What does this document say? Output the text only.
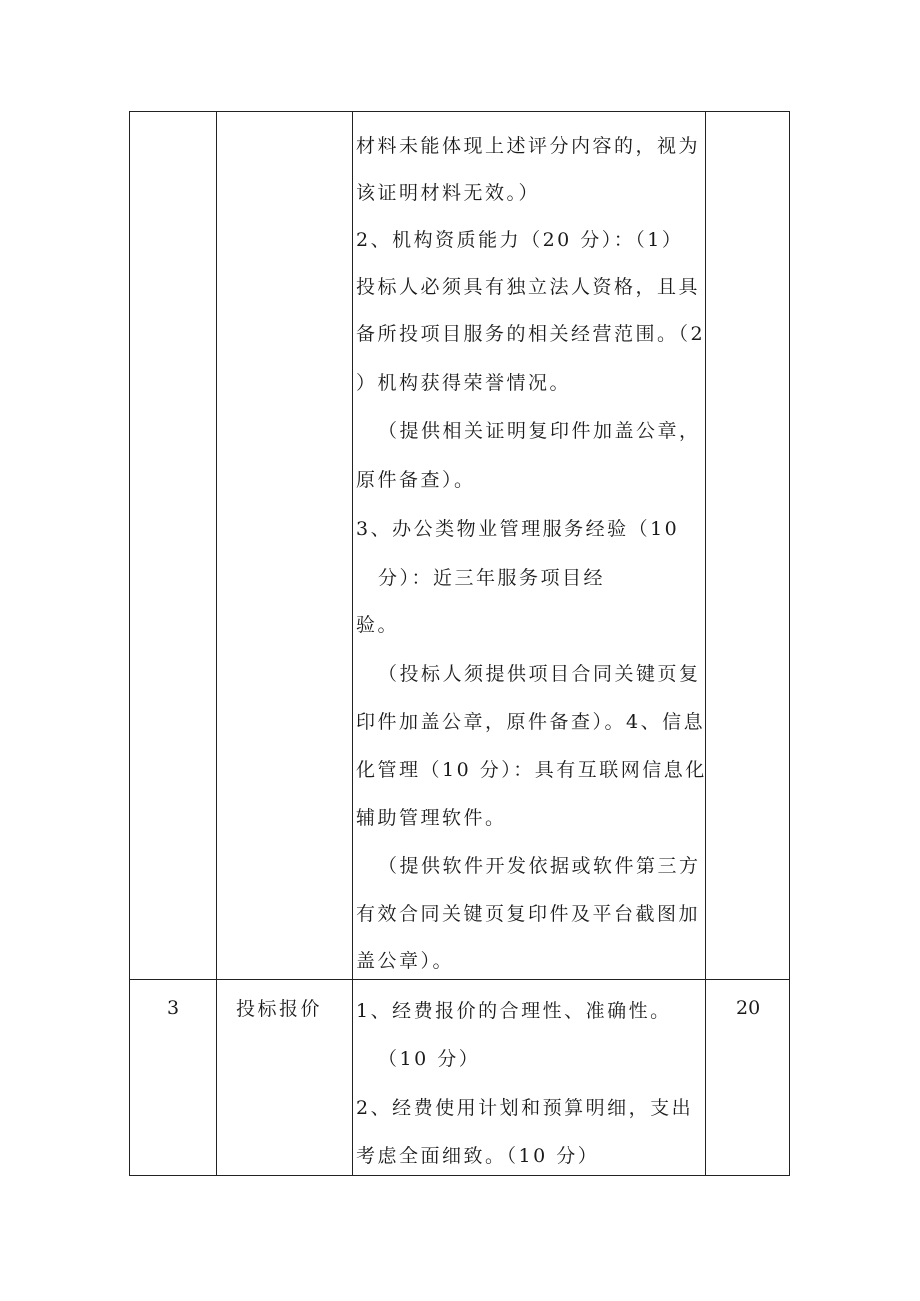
材料未能体现上述评分内容的，视为
该证明材料无效。）
2、机构资质能力（20 分）：（1）
投标人必须具有独立法人资格，且具
备所投项目服务的相关经营范围。（2
）机构获得荣誉情况。
（提供相关证明复印件加盖公章，
原件备查）。
3、办公类物业管理服务经验（10
分）：近三年服务项目经
验。
（投标人须提供项目合同关键页复
印件加盖公章，原件备查）。4、信息
化管理（10 分）：具有互联网信息化
辅助管理软件。
（提供软件开发依据或软件第三方
有效合同关键页复印件及平台截图加
盖公章）。
3	投标报价 1、经费报价的合理性、准确性。
（10 分）
2、经费使用计划和预算明细，支出
考虑全面细致。（10 分）
20
